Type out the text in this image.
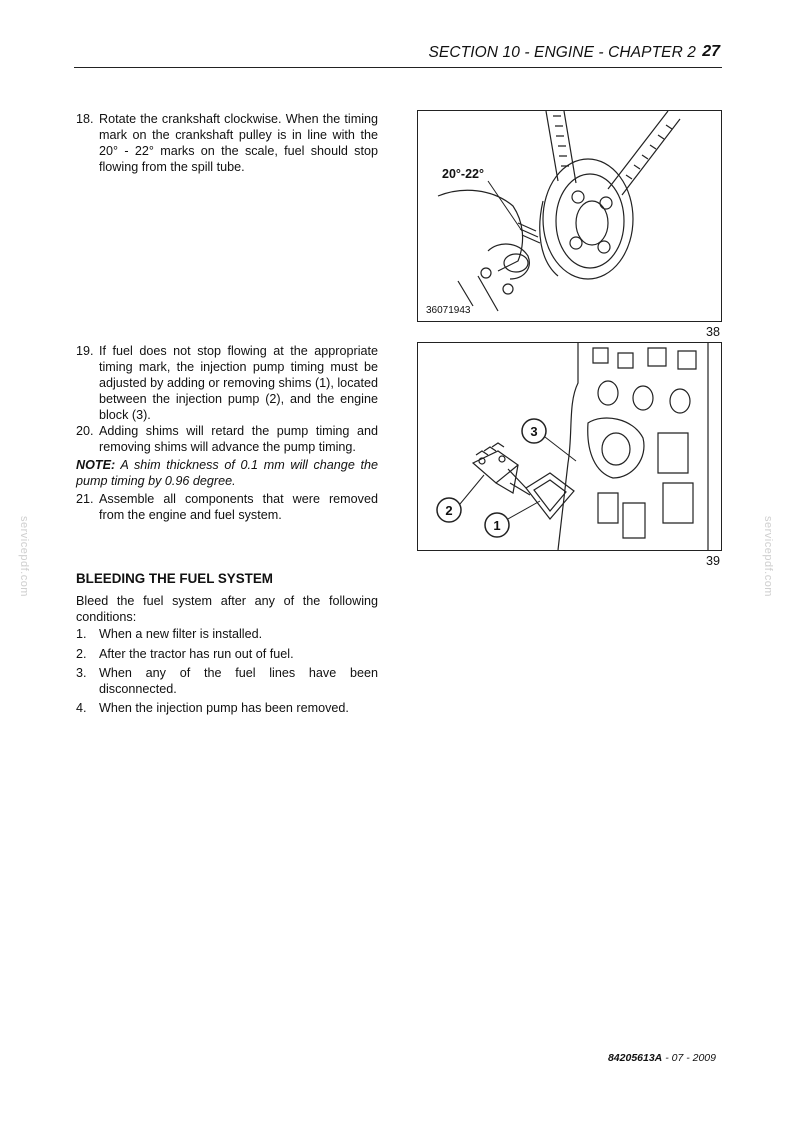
SECTION 10 - ENGINE - CHAPTER 2 27
18. Rotate the crankshaft clockwise. When the timing mark on the crankshaft pulley is in line with the 20° - 22° marks on the scale, fuel should stop flowing from the spill tube.
19. If fuel does not stop flowing at the appropriate timing mark, the injection pump timing must be adjusted by adding or removing shims (1), located between the injection pump (2), and the engine block (3).
20. Adding shims will retard the pump timing and removing shims will advance the pump timing.
NOTE: A shim thickness of 0.1 mm will change the pump timing by 0.96 degree.
21. Assemble all components that were removed from the engine and fuel system.
BLEEDING THE FUEL SYSTEM
Bleed the fuel system after any of the following conditions:
1. When a new filter is installed.
2. After the tractor has run out of fuel.
3. When any of the fuel lines have been disconnected.
4. When the injection pump has been removed.
20°-22°
36071943
38
3
2
1
39
servicepdf.com	servicepdf.com
84205613A - 07 - 2009
